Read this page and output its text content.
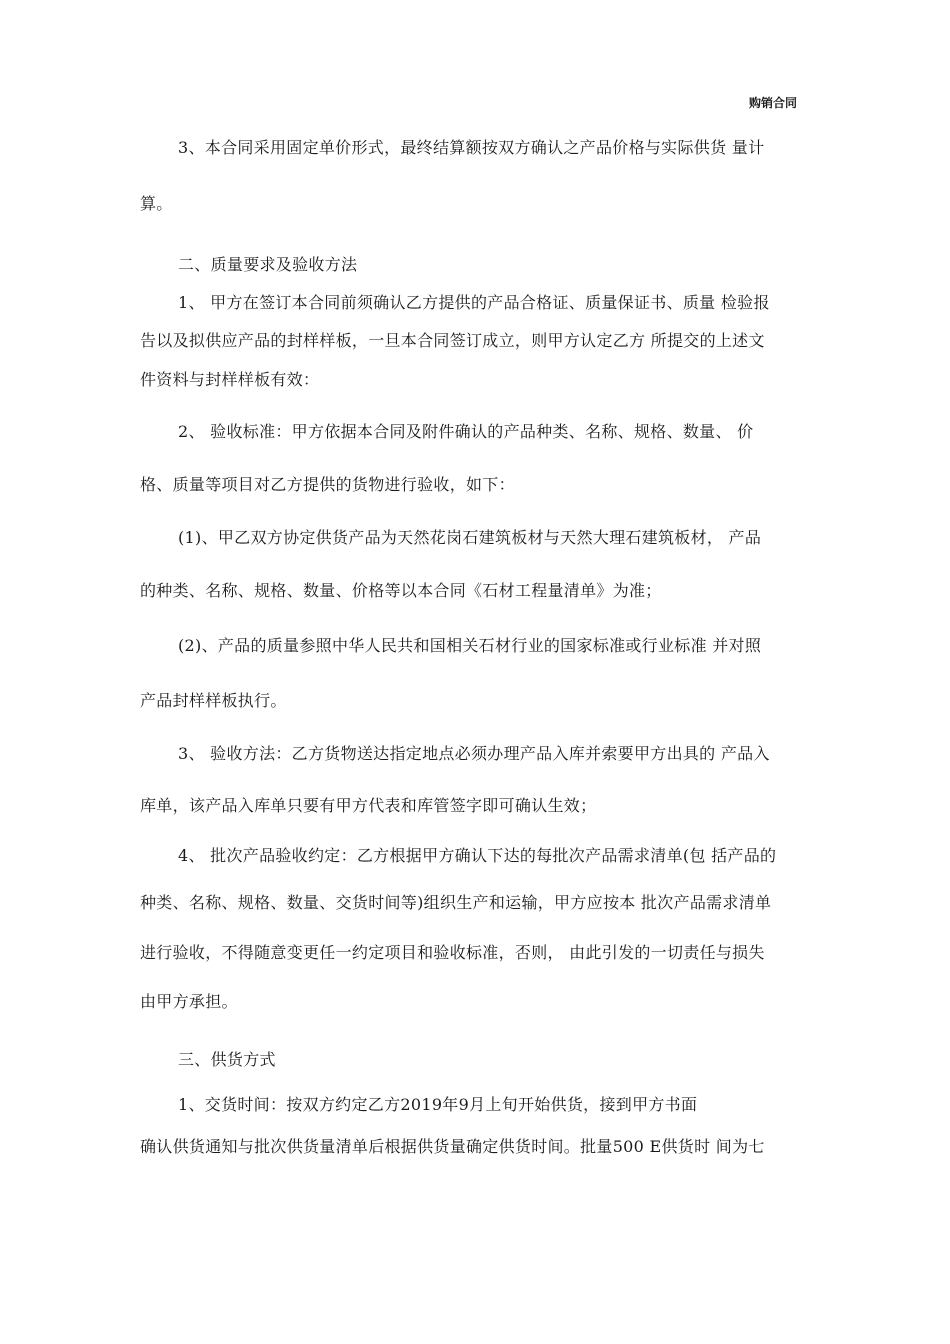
购销合同
3、本合同采用固定单价形式，最终结算额按双方确认之产品价格与实际供货 量计
算。
二、质量要求及验收方法
1、 甲方在签订本合同前须确认乙方提供的产品合格证、质量保证书、质量 检验报
告以及拟供应产品的封样样板，一旦本合同签订成立，则甲方认定乙方 所提交的上述文
件资料与封样样板有效：
2、 验收标准：甲方依据本合同及附件确认的产品种类、名称、规格、数量、 价
格、质量等项目对乙方提供的货物进行验收，如下：
(1)、甲乙双方协定供货产品为天然花岗石建筑板材与天然大理石建筑板材， 产品
的种类、名称、规格、数量、价格等以本合同《石材工程量清单》为准；
(2)、产品的质量参照中华人民共和国相关石材行业的国家标准或行业标准 并对照
产品封样样板执行。
3、 验收方法：乙方货物送达指定地点必须办理产品入库并索要甲方出具的 产品入
库单，该产品入库单只要有甲方代表和库管签字即可确认生效；
4、 批次产品验收约定：乙方根据甲方确认下达的每批次产品需求清单(包 括产品的
种类、名称、规格、数量、交货时间等)组织生产和运输，甲方应按本 批次产品需求清单
进行验收，不得随意变更任一约定项目和验收标准，否则， 由此引发的一切责任与损失
由甲方承担。
三、供货方式
1、交货时间：按双方约定乙方2019年9月上旬开始供货，接到甲方书面
确认供货通知与批次供货量清单后根据供货量确定供货时间。批量500 E供货时 间为七
